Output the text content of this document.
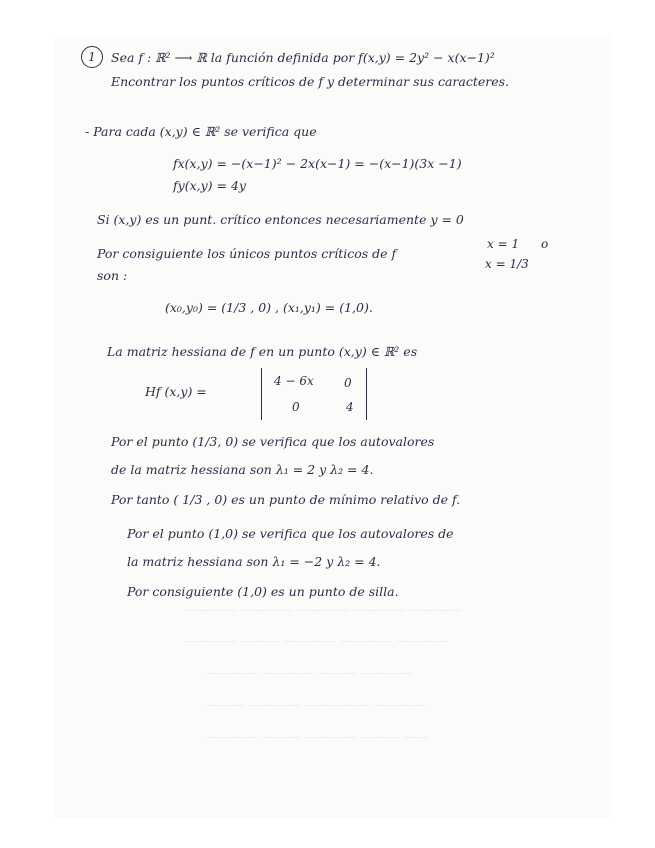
———— ———— ———— ———— ————
———— ——— ———— ———— ————
———— ———— ——— ————
——— ———— ————— ————
———— ——— ———— ——— ——
1	Sea f : ℝ² ⟶ ℝ la función definida por f(x,y) = 2y² − x(x−1)²
Encontrar los puntos críticos de f y determinar sus caracteres.
- Para cada (x,y) ∈ ℝ² se verifica que
fx(x,y) = −(x−1)² − 2x(x−1) = −(x−1)(3x −1)
fy(x,y) = 4y
Si (x,y) es un punt. crítico entonces necesariamente y = 0
x = 1 o
Por consiguiente los únicos puntos críticos de f
x = 1/3
son :
(x₀,y₀) = (1/3 , 0) , (x₁,y₁) = (1,0).
La matriz hessiana de f en un punto (x,y) ∈ ℝ² es
Hf (x,y) =
4 − 6x	0
0	4
Por el punto (1/3, 0) se verifica que los autovalores
de la matriz hessiana son λ₁ = 2 y λ₂ = 4.
Por tanto ( 1/3 , 0) es un punto de mínimo relativo de f.
Por el punto (1,0) se verifica que los autovalores de
la matriz hessiana son λ₁ = −2 y λ₂ = 4.
Por consiguiente (1,0) es un punto de silla.
